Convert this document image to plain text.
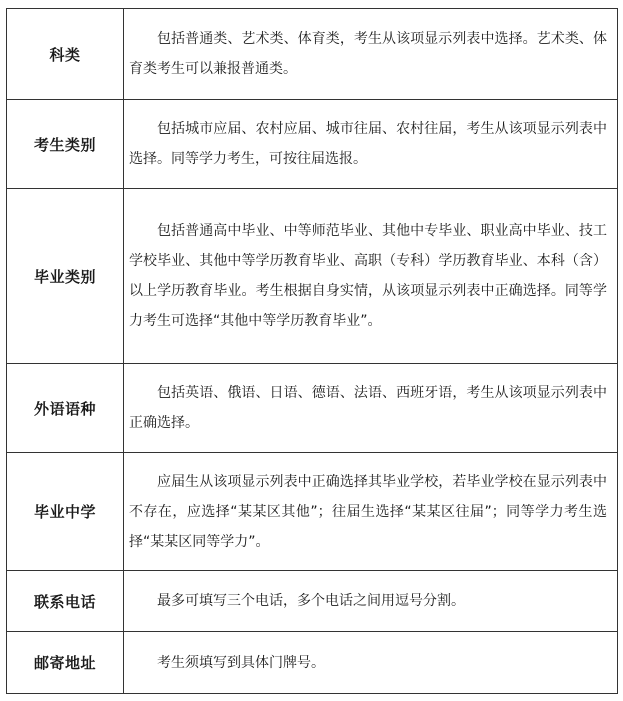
科类	包括普通类、艺术类、体育类，考生从该项显示列表中选择。艺术类、体育类考生可以兼报普通类。
考生类别	包括城市应届、农村应届、城市往届、农村往届，考生从该项显示列表中选择。同等学力考生，可按往届选报。
毕业类别	包括普通高中毕业、中等师范毕业、其他中专毕业、职业高中毕业、技工学校毕业、其他中等学历教育毕业、高职（专科）学历教育毕业、本科（含）以上学历教育毕业。考生根据自身实情，从该项显示列表中正确选择。同等学力考生可选择“其他中等学历教育毕业”。
外语语种	包括英语、俄语、日语、德语、法语、西班牙语，考生从该项显示列表中正确选择。
毕业中学	应届生从该项显示列表中正确选择其毕业学校，若毕业学校在显示列表中不存在，应选择“某某区其他”；往届生选择“某某区往届”；同等学力考生选择“某某区同等学力”。
联系电话	最多可填写三个电话，多个电话之间用逗号分割。
邮寄地址	考生须填写到具体门牌号。
